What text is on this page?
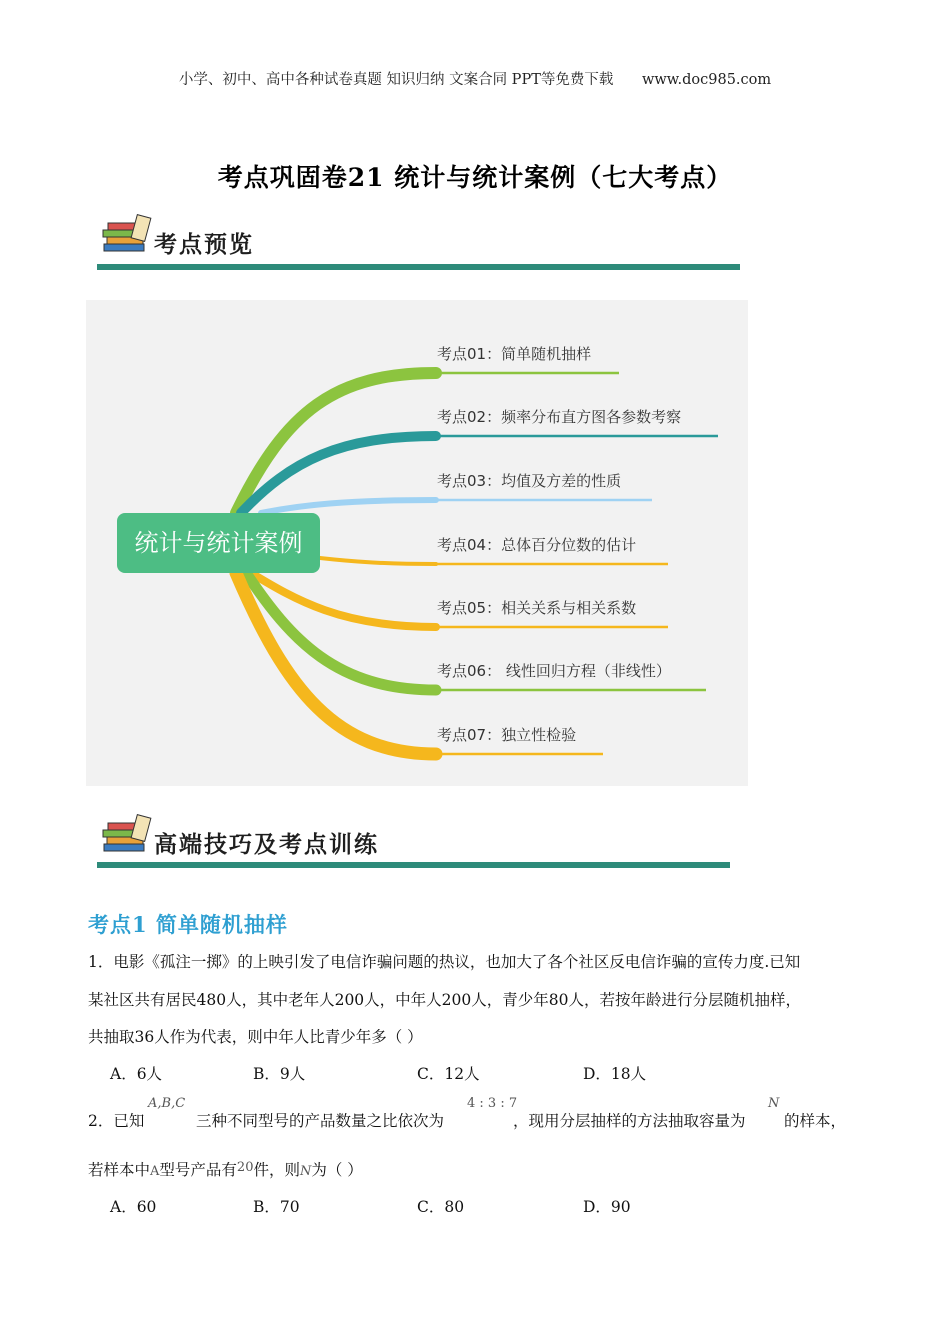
小学、初中、高中各种试卷真题 知识归纳 文案合同 PPT等免费下载 www.doc985.com
考点巩固卷21 统计与统计案例（七大考点）
考点预览
统计与统计案例
考点01：简单随机抽样
考点02：频率分布直方图各参数考察
考点03：均值及方差的性质
考点04：总体百分位数的估计
考点05：相关关系与相关系数
考点06： 线性回归方程（非线性）
考点07：独立性检验
高端技巧及考点训练
考点1 简单随机抽样
1．电影《孤注一掷》的上映引发了电信诈骗问题的热议，也加大了各个社区反电信诈骗的宣传力度.已知
某社区共有居民480人，其中老年人200人，中年人200人，青少年80人，若按年龄进行分层随机抽样，
共抽取36人作为代表，则中年人比青少年多（ ）
A．6人	B．9人	C．12人	D．18人
2．已知
A,B,C
三种不同型号的产品数量之比依次为
4 : 3 : 7
，现用分层抽样的方法抽取容量为
N
的样本，
若样本中A型号产品有$^{20}$件，则N为（ ）
A．60	B．70	C．80	D．90
